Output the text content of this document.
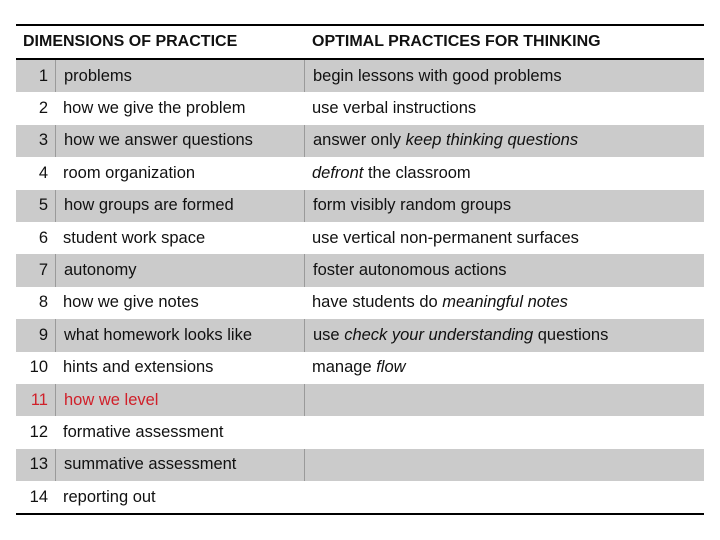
DIMENSIONS OF PRACTICE	OPTIMAL PRACTICES FOR THINKING
1 problems	begin lessons with good problems
2 how we give the problem	use verbal instructions
3 how we answer questions	answer only keep thinking questions
4 room organization	defront the classroom
5 how groups are formed	form visibly random groups
6 student work space	use vertical non-permanent surfaces
7 autonomy	foster autonomous actions
8 how we give notes	have students do meaningful notes
9 what homework looks like	use check your understanding questions
10 hints and extensions	manage flow
11 how we level
12 formative assessment
13 summative assessment
14 reporting out
